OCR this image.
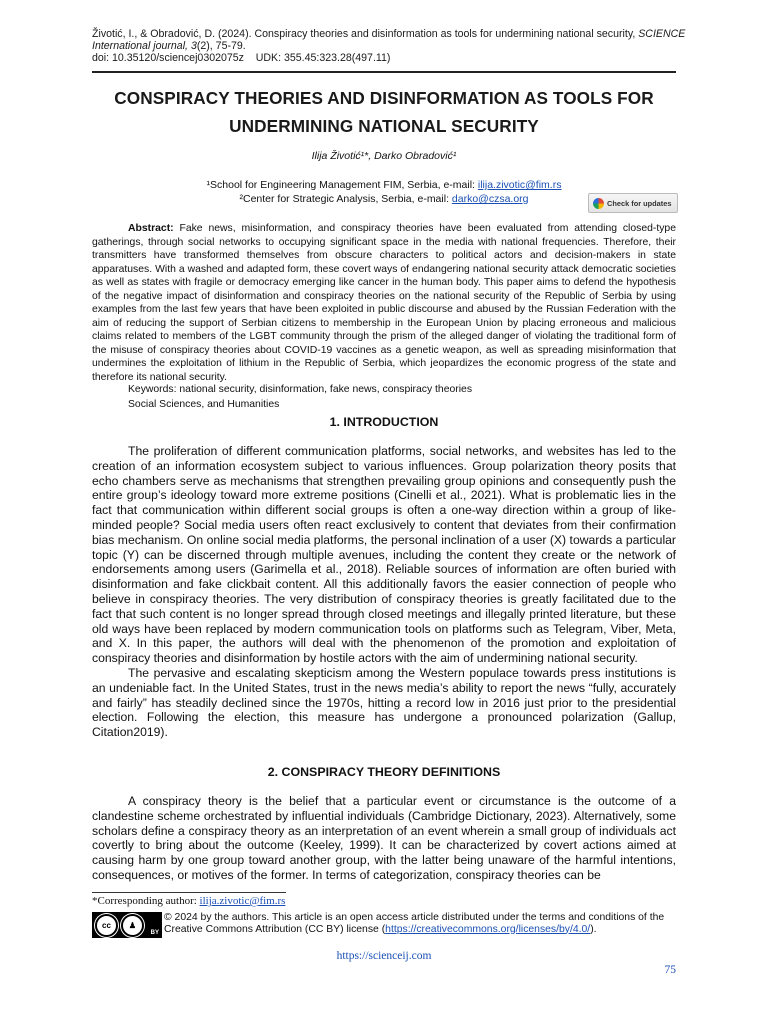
Životić, I., & Obradović, D. (2024). Conspiracy theories and disinformation as tools for undermining national security, SCIENCE International journal, 3(2), 75-79.
doi: 10.35120/sciencej0302075z    UDK: 355.45:323.28(497.11)
CONSPIRACY THEORIES AND DISINFORMATION AS TOOLS FOR UNDERMINING NATIONAL SECURITY
Ilija Životić¹*, Darko Obradović¹
¹School for Engineering Management FIM, Serbia, e-mail: ilija.zivotic@fim.rs
²Center for Strategic Analysis, Serbia, e-mail: darko@czsa.org	Check for updates

Abstract: Fake news, misinformation, and conspiracy theories have been evaluated from attending closed-type gatherings, through social networks to occupying significant space in the media with national frequencies. Therefore, their transmitters have transformed themselves from obscure characters to political actors and decision-makers in state apparatuses. With a washed and adapted form, these covert ways of endangering national security attack democratic societies as well as states with fragile or democracy emerging like cancer in the human body. This paper aims to defend the hypothesis of the negative impact of disinformation and conspiracy theories on the national security of the Republic of Serbia by using examples from the last few years that have been exploited in public discourse and abused by the Russian Federation with the aim of reducing the support of Serbian citizens to membership in the European Union by placing erroneous and malicious claims related to members of the LGBT community through the prism of the alleged danger of violating the traditional form of the misuse of conspiracy theories about COVID-19 vaccines as a genetic weapon, as well as spreading misinformation that undermines the exploitation of lithium in the Republic of Serbia, which jeopardizes the economic progress of the state and therefore its national security.

Keywords: national security, disinformation, fake news, conspiracy theories
Social Sciences, and Humanities
1. INTRODUCTION

The proliferation of different communication platforms, social networks, and websites has led to the creation of an information ecosystem subject to various influences. Group polarization theory posits that echo chambers serve as mechanisms that strengthen prevailing group opinions and consequently push the entire group’s ideology toward more extreme positions (Cinelli et al., 2021). What is problematic lies in the fact that communication within different social groups is often a one-way direction within a group of like-minded people? Social media users often react exclusively to content that deviates from their confirmation bias mechanism. On online social media platforms, the personal inclination of a user (X) towards a particular topic (Y) can be discerned through multiple avenues, including the content they create or the network of endorsements among users (Garimella et al., 2018). Reliable sources of information are often buried with disinformation and fake clickbait content. All this additionally favors the easier connection of people who believe in conspiracy theories. The very distribution of conspiracy theories is greatly facilitated due to the fact that such content is no longer spread through closed meetings and illegally printed literature, but these old ways have been replaced by modern communication tools on platforms such as Telegram, Viber, Meta, and X. In this paper, the authors will deal with the phenomenon of the promotion and exploitation of conspiracy theories and disinformation by hostile actors with the aim of undermining national security.

The pervasive and escalating skepticism among the Western populace towards press institutions is an undeniable fact. In the United States, trust in the news media’s ability to report the news “fully, accurately and fairly” has steadily declined since the 1970s, hitting a record low in 2016 just prior to the presidential election. Following the election, this measure has undergone a pronounced polarization (Gallup, Citation2019).

2. CONSPIRACY THEORY DEFINITIONS

A conspiracy theory is the belief that a particular event or circumstance is the outcome of a clandestine scheme orchestrated by influential individuals (Cambridge Dictionary, 2023). Alternatively, some scholars define a conspiracy theory as an interpretation of an event wherein a small group of individuals act covertly to bring about the outcome (Keeley, 1999). It can be characterized by covert actions aimed at causing harm by one group toward another group, with the latter being unaware of the harmful intentions, consequences, or motives of the former. In terms of categorization, conspiracy theories can be

*Corresponding author: ilija.zivotic@fim.rs
cc	♟
BY
© 2024 by the authors. This article is an open access article distributed under the terms and conditions of the Creative Commons Attribution (CC BY) license (https://creativecommons.org/licenses/by/4.0/).
https://scienceij.com
75
